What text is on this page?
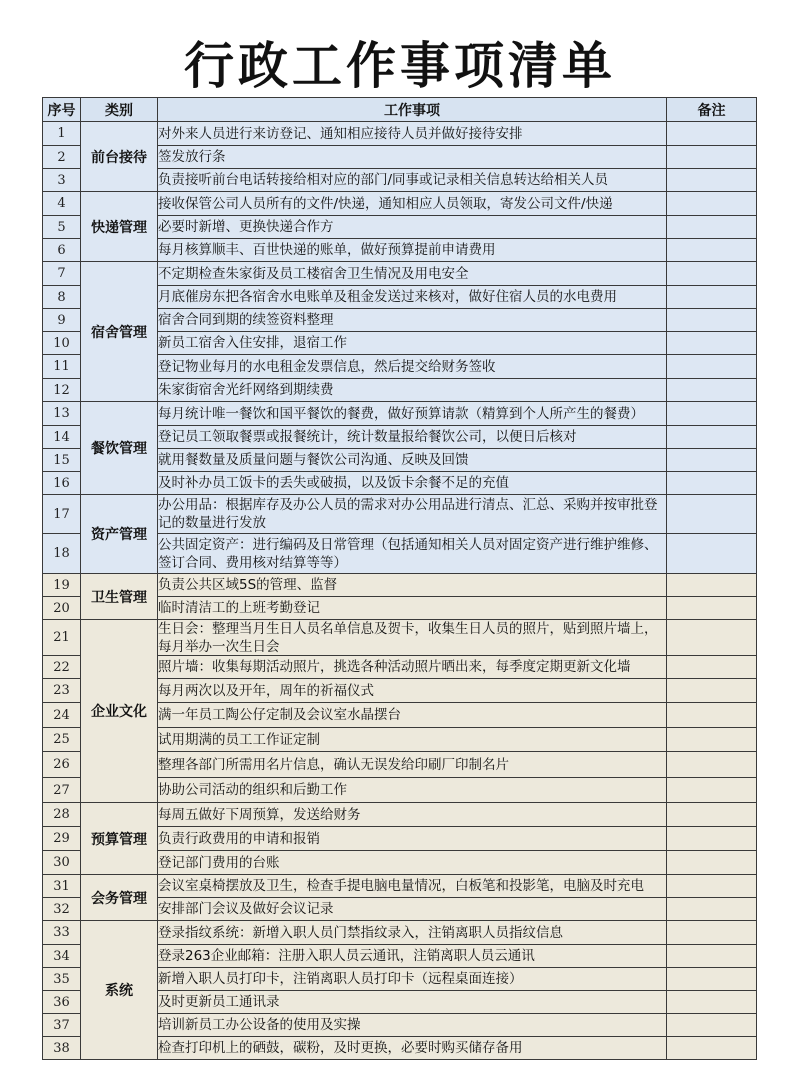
行政工作事项清单
序号	类别	工作事项	备注
1	前台接待	对外来人员进行来访登记、通知相应接待人员并做好接待安排	

2		签发放行条	

3		负责接听前台电话转接给相对应的部门/同事或记录相关信息转达给相关人员	

4	快递管理	接收保管公司人员所有的文件/快递，通知相应人员领取，寄发公司文件/快递	

5		必要时新增、更换快递合作方	

6		每月核算顺丰、百世快递的账单，做好预算提前申请费用	

7	宿舍管理	不定期检查朱家街及员工楼宿舍卫生情况及用电安全	

8		月底催房东把各宿舍水电账单及租金发送过来核对，做好住宿人员的水电费用	

9		宿舍合同到期的续签资料整理	

10		新员工宿舍入住安排，退宿工作	

11		登记物业每月的水电租金发票信息，然后提交给财务签收	

12		朱家街宿舍光纤网络到期续费	

13	餐饮管理	每月统计唯一餐饮和国平餐饮的餐费，做好预算请款（精算到个人所产生的餐费）	

14		登记员工领取餐票或报餐统计，统计数量报给餐饮公司，以便日后核对	

15		就用餐数量及质量问题与餐饮公司沟通、反映及回馈	

16		及时补办员工饭卡的丢失或破损，以及饭卡余餐不足的充值	

17	资产管理	办公用品：根据库存及办公人员的需求对办公用品进行清点、汇总、采购并按审批登记的数量进行发放	

18		公共固定资产：进行编码及日常管理（包括通知相关人员对固定资产进行维护维修、签订合同、费用核对结算等等）	

19	卫生管理	负责公共区域5S的管理、监督	

20		临时清洁工的上班考勤登记	

21	企业文化	生日会：整理当月生日人员名单信息及贺卡，收集生日人员的照片，贴到照片墙上，每月举办一次生日会	

22		照片墙：收集每期活动照片，挑选各种活动照片晒出来，每季度定期更新文化墙	

23		每月两次以及开年，周年的祈福仪式	

24		满一年员工陶公仔定制及会议室水晶摆台	

25		试用期满的员工工作证定制	

26		整理各部门所需用名片信息，确认无误发给印刷厂印制名片	

27		协助公司活动的组织和后勤工作	

28	预算管理	每周五做好下周预算，发送给财务	

29		负责行政费用的申请和报销	

30		登记部门费用的台账	

31	会务管理	会议室桌椅摆放及卫生，检查手提电脑电量情况，白板笔和投影笔，电脑及时充电	

32		安排部门会议及做好会议记录	

33	系统	登录指纹系统：新增入职人员门禁指纹录入，注销离职人员指纹信息	

34		登录263企业邮箱：注册入职人员云通讯，注销离职人员云通讯	

35		新增入职人员打印卡，注销离职人员打印卡（远程桌面连接）	

36		及时更新员工通讯录	

37		培训新员工办公设备的使用及实操	

38		检查打印机上的硒鼓，碳粉，及时更换，必要时购买储存备用	
